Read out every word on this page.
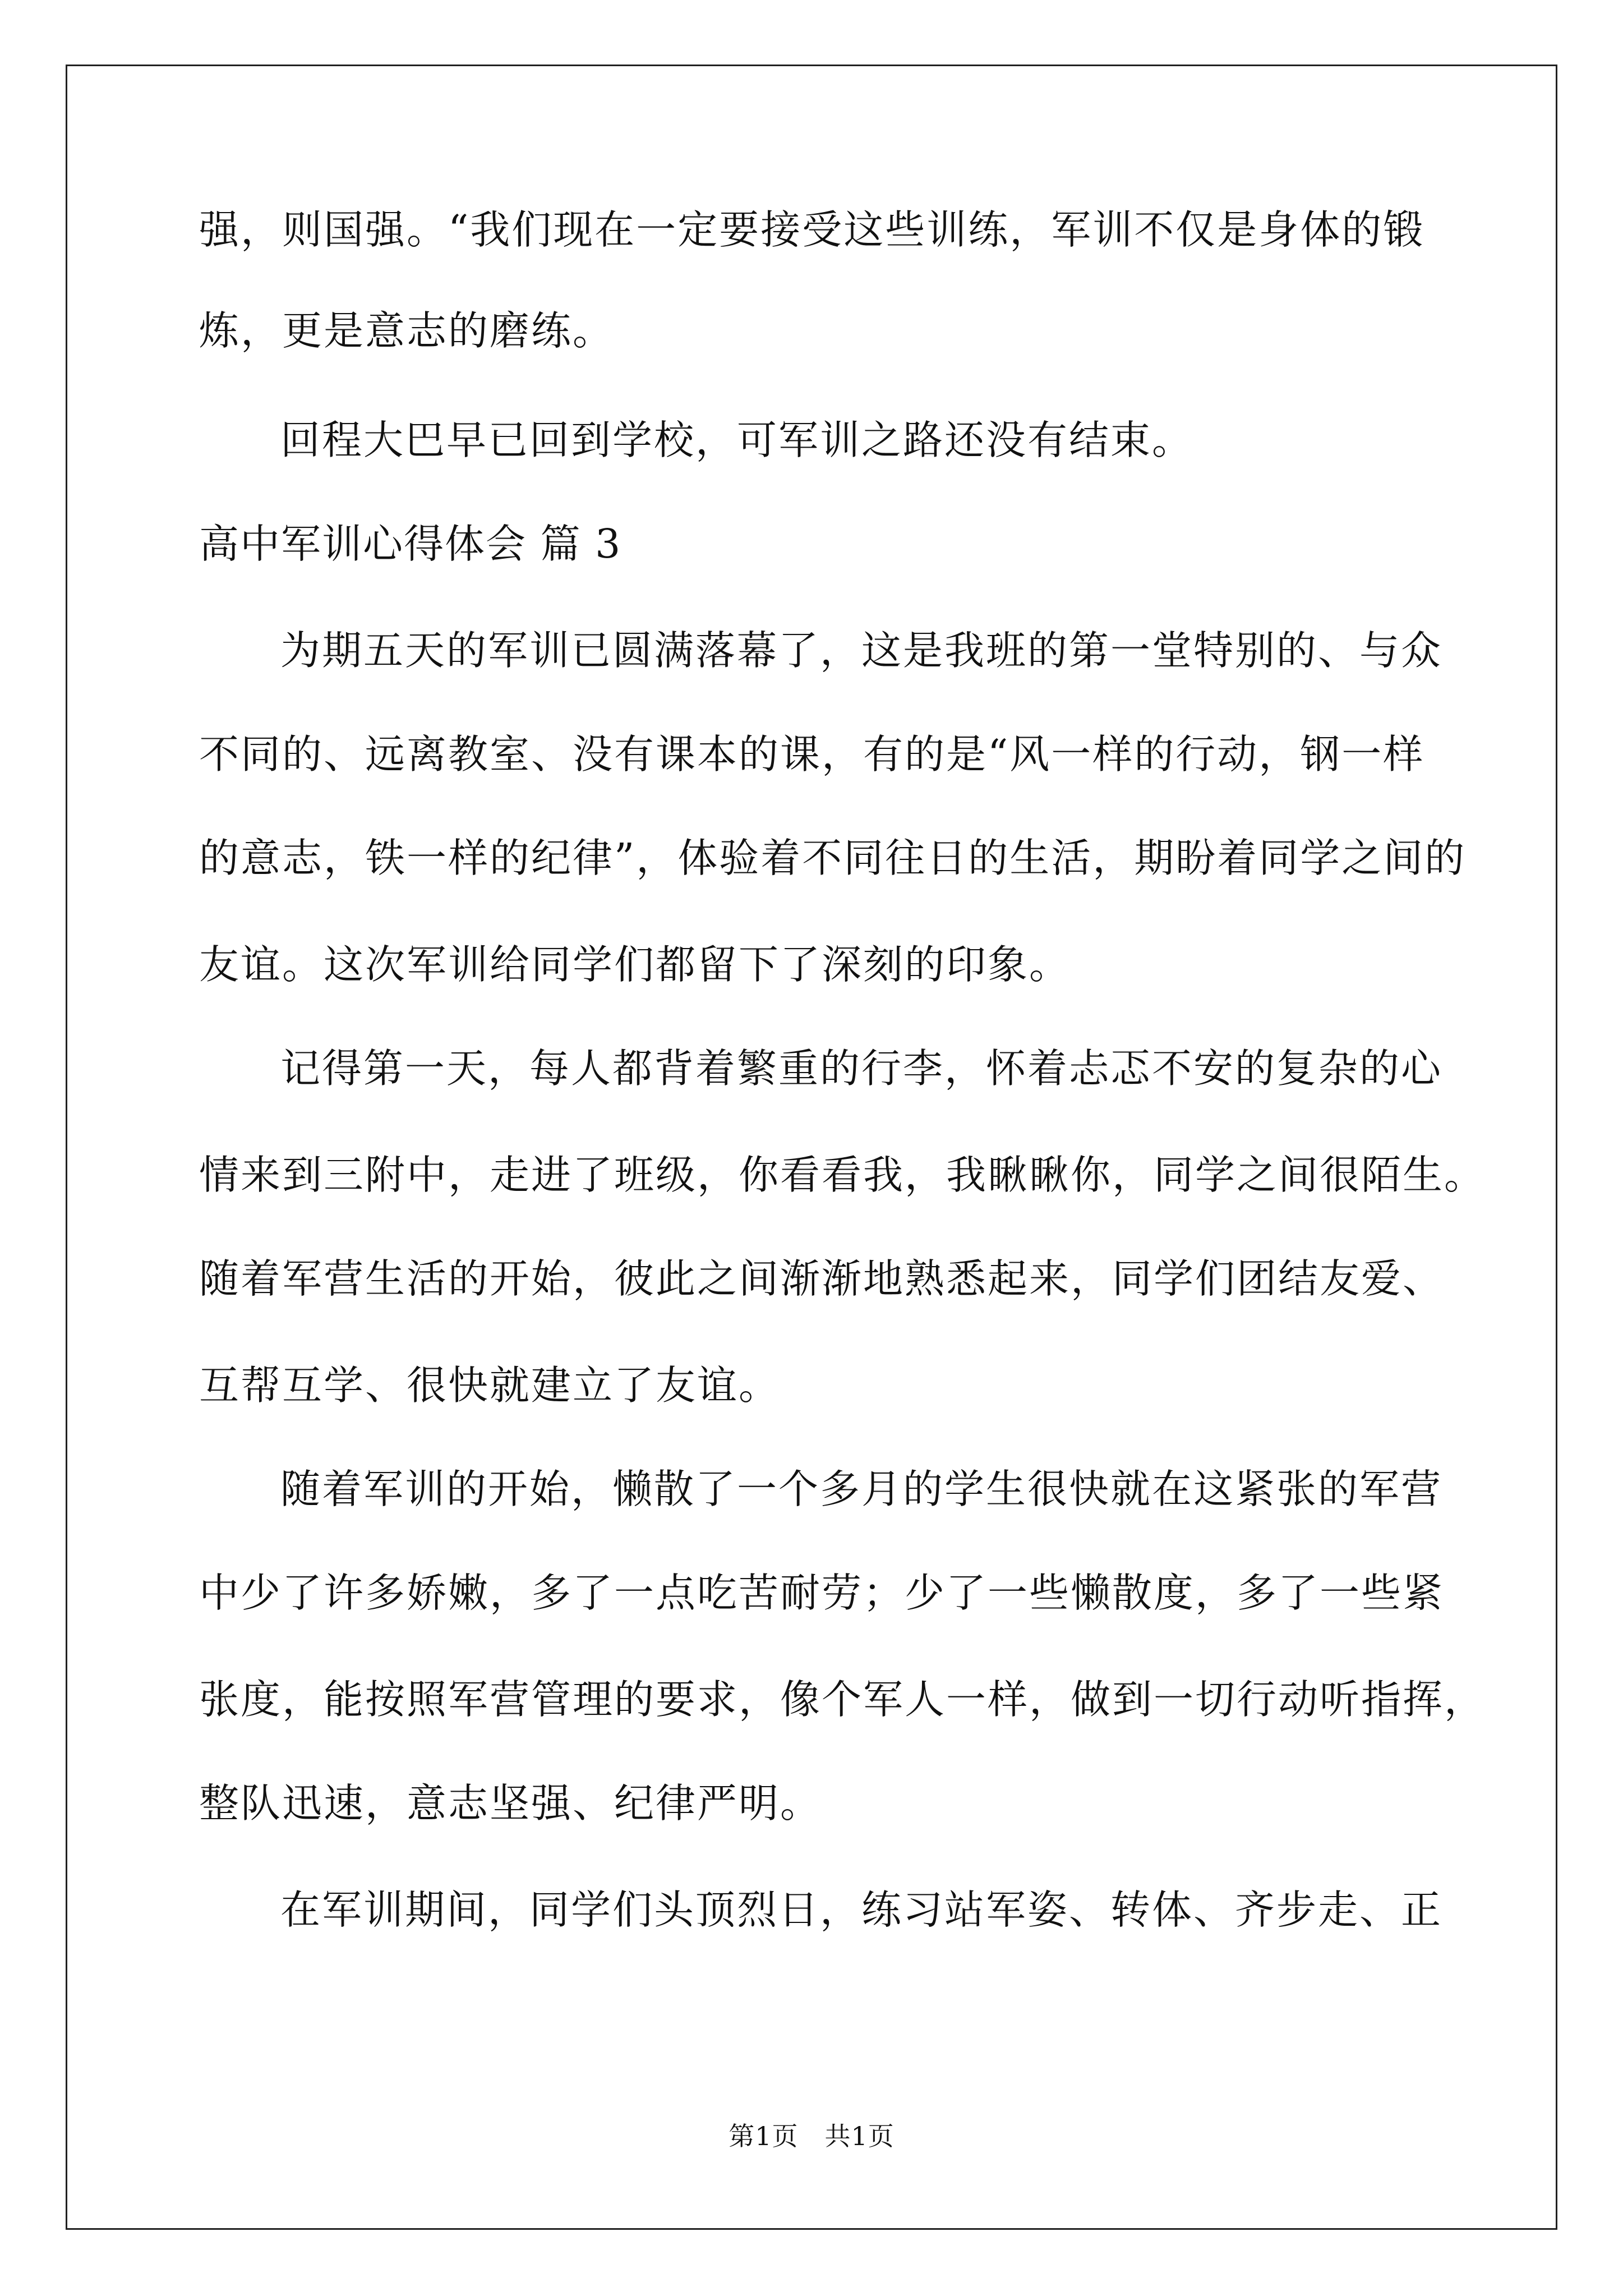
强，则国强。“我们现在一定要接受这些训练，军训不仅是身体的锻

炼，更是意志的磨练。

回程大巴早已回到学校，可军训之路还没有结束。

高中军训心得体会 篇 3

为期五天的军训已圆满落幕了，这是我班的第一堂特别的、与众

不同的、远离教室、没有课本的课，有的是“风一样的行动，钢一样

的意志，铁一样的纪律”，体验着不同往日的生活，期盼着同学之间的

友谊。这次军训给同学们都留下了深刻的印象。

记得第一天，每人都背着繁重的行李，怀着忐忑不安的复杂的心

情来到三附中，走进了班级，你看看我，我瞅瞅你，同学之间很陌生。

随着军营生活的开始，彼此之间渐渐地熟悉起来，同学们团结友爱、

互帮互学、很快就建立了友谊。

随着军训的开始，懒散了一个多月的学生很快就在这紧张的军营

中少了许多娇嫩，多了一点吃苦耐劳；少了一些懒散度，多了一些紧

张度，能按照军营管理的要求，像个军人一样，做到一切行动听指挥，

整队迅速，意志坚强、纪律严明。

在军训期间，同学们头顶烈日，练习站军姿、转体、齐步走、正

第1页　共1页
